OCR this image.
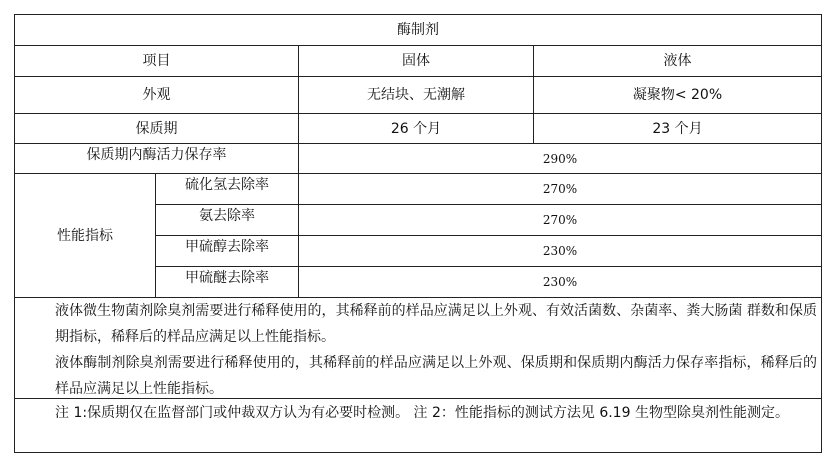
酶制剂
项目	固体	液体
外观	无结块、无潮解	凝聚物< 20%
保质期	26 个月	23 个月
保质期内酶活力保存率	290%
性能指标
硫化氢去除率	270%
氨去除率	270%
甲硫醇去除率	230%
甲硫醚去除率	230%
液体微生物菌剂除臭剂需要进行稀释使用的，其稀释前的样品应满足以上外观、有效活菌数、杂菌率、粪大肠菌 群数和保质期指标，稀释后的样品应满足以上性能指标。
液体酶制剂除臭剂需要进行稀释使用的，其稀释前的样品应满足以上外观、保质期和保质期内酶活力保存率指标，稀释后的样品应满足以上性能指标。
注 1:保质期仅在监督部门或仲裁双方认为有必要时检测。 注 2：性能指标的测试方法见 6.19 生物型除臭剂性能测定。
